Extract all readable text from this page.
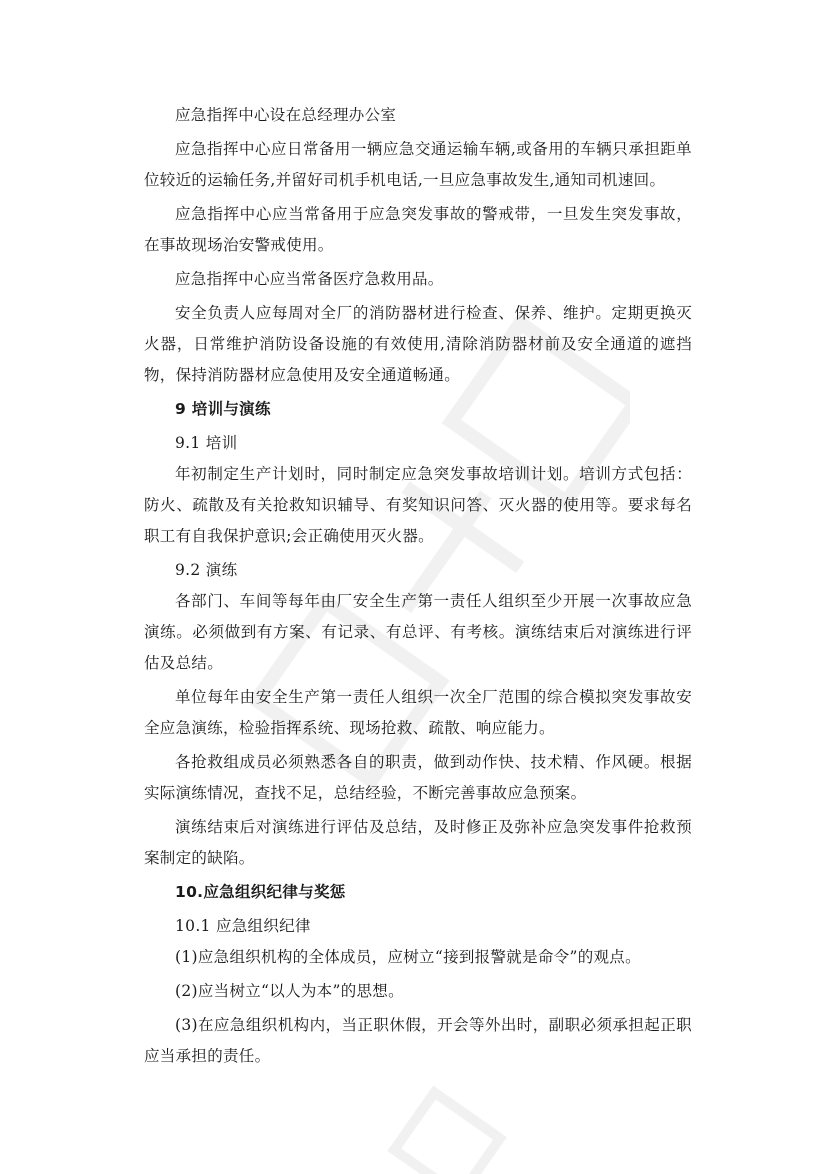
应急指挥中心设在总经理办公室

应急指挥中心应日常备用一辆应急交通运输车辆,或备用的车辆只承担距单位较近的运输任务,并留好司机手机电话,一旦应急事故发生,通知司机速回。

应急指挥中心应当常备用于应急突发事故的警戒带，一旦发生突发事故，在事故现场治安警戒使用。

应急指挥中心应当常备医疗急救用品。

安全负责人应每周对全厂的消防器材进行检查、保养、维护。定期更换灭火器，日常维护消防设备设施的有效使用,清除消防器材前及安全通道的遮挡物，保持消防器材应急使用及安全通道畅通。

9 培训与演练

9.1 培训

年初制定生产计划时，同时制定应急突发事故培训计划。培训方式包括：防火、疏散及有关抢救知识辅导、有奖知识问答、灭火器的使用等。要求每名职工有自我保护意识;会正确使用灭火器。

9.2 演练

各部门、车间等每年由厂安全生产第一责任人组织至少开展一次事故应急演练。必须做到有方案、有记录、有总评、有考核。演练结束后对演练进行评估及总结。

单位每年由安全生产第一责任人组织一次全厂范围的综合模拟突发事故安全应急演练，检验指挥系统、现场抢救、疏散、响应能力。

各抢救组成员必须熟悉各自的职责，做到动作快、技术精、作风硬。根据实际演练情况，查找不足，总结经验，不断完善事故应急预案。

演练结束后对演练进行评估及总结，及时修正及弥补应急突发事件抢救预案制定的缺陷。

10.应急组织纪律与奖惩

10.1 应急组织纪律

(1)应急组织机构的全体成员，应树立“接到报警就是命令”的观点。

(2)应当树立“以人为本”的思想。

(3)在应急组织机构内，当正职休假，开会等外出时，副职必须承担起正职应当承担的责任。
